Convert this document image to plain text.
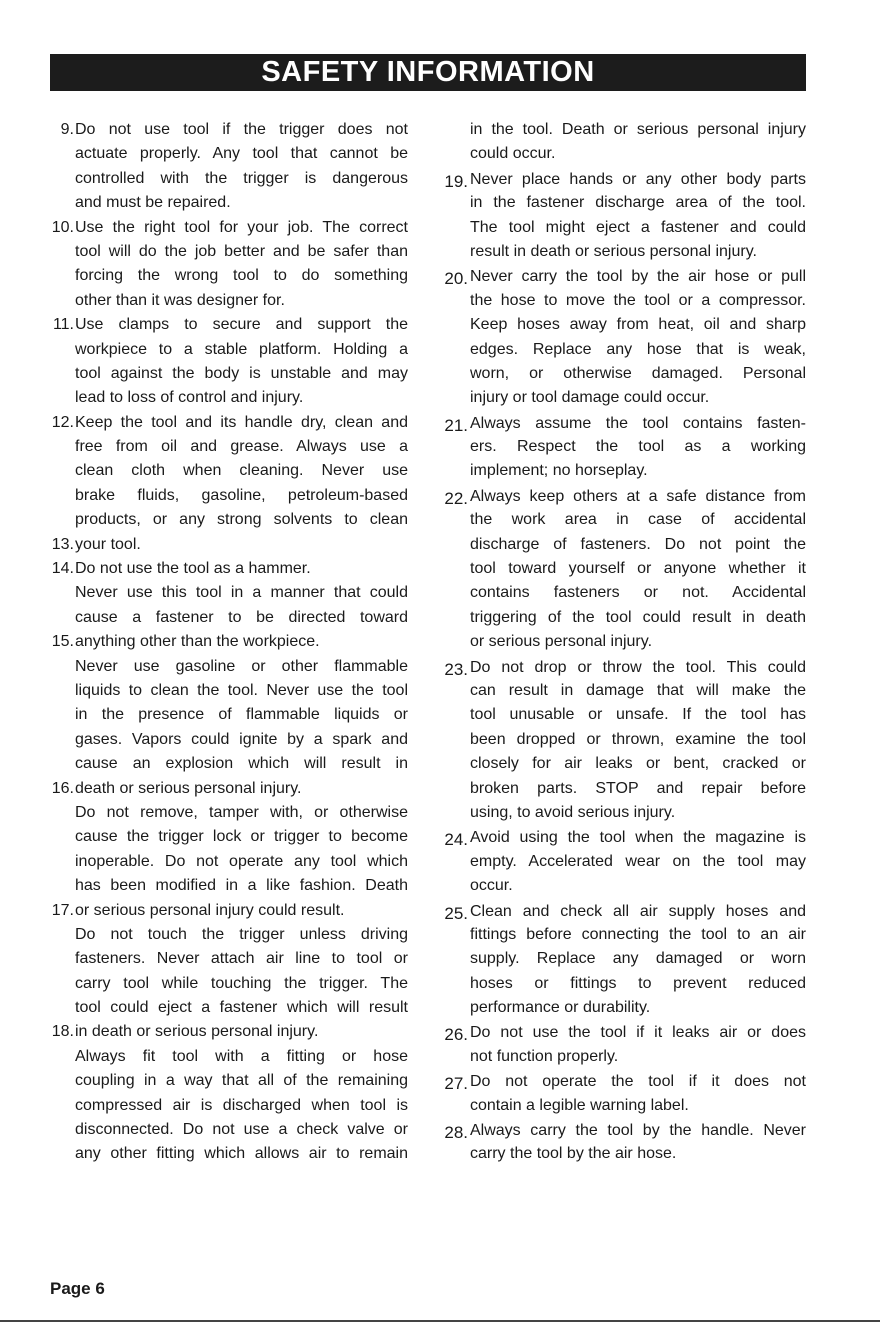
SAFETY INFORMATION
9. Do not use tool if the trigger does not
actuate properly. Any tool that cannot be
controlled with the trigger is dangerous
and must be repaired.
10. Use the right tool for your job. The correct
tool will do the job better and be safer than
forcing the wrong tool to do something
other than it was designer for.
11. Use clamps to secure and support the
workpiece to a stable platform. Holding a
tool against the body is unstable and may
lead to loss of control and injury.
12. Keep the tool and its handle dry, clean and
free from oil and grease. Always use a
clean cloth when cleaning. Never use
brake fluids, gasoline, petroleum-based
products, or any strong solvents to clean
13. your tool.
14. Do not use the tool as a hammer.
Never use this tool in a manner that could
cause a fastener to be directed toward
15. anything other than the workpiece.
Never use gasoline or other flammable
liquids to clean the tool. Never use the tool
in the presence of flammable liquids or
gases. Vapors could ignite by a spark and
cause an explosion which will result in
16. death or serious personal injury.
Do not remove, tamper with, or otherwise
cause the trigger lock or trigger to become
inoperable. Do not operate any tool which
has been modified in a like fashion. Death
17. or serious personal injury could result.
Do not touch the trigger unless driving
fasteners. Never attach air line to tool or
carry tool while touching the trigger. The
tool could eject a fastener which will result
18. in death or serious personal injury.
Always fit tool with a fitting or hose
coupling in a way that all of the remaining
compressed air is discharged when tool is
disconnected. Do not use a check valve or
any other fitting which allows air to remain
in the tool. Death or serious personal injury
could occur.
19. Never place hands or any other body parts
in the fastener discharge area of the tool.
The tool might eject a fastener and could
result in death or serious personal injury.
20. Never carry the tool by the air hose or pull
the hose to move the tool or a compressor.
Keep hoses away from heat, oil and sharp
edges. Replace any hose that is weak,
worn, or otherwise damaged. Personal
injury or tool damage could occur.
21. Always assume the tool contains fasten-
ers. Respect the tool as a working
implement; no horseplay.
22. Always keep others at a safe distance from
the work area in case of accidental
discharge of fasteners. Do not point the
tool toward yourself or anyone whether it
contains fasteners or not. Accidental
triggering of the tool could result in death
or serious personal injury.
23. Do not drop or throw the tool. This could
can result in damage that will make the
tool unusable or unsafe. If the tool has
been dropped or thrown, examine the tool
closely for air leaks or bent, cracked or
broken parts. STOP and repair before
using, to avoid serious injury.
24. Avoid using the tool when the magazine is
empty. Accelerated wear on the tool may
occur.
25. Clean and check all air supply hoses and
fittings before connecting the tool to an air
supply. Replace any damaged or worn
hoses or fittings to prevent reduced
performance or durability.
26. Do not use the tool if it leaks air or does
not function properly.
27. Do not operate the tool if it does not
contain a legible warning label.
28. Always carry the tool by the handle. Never
carry the tool by the air hose.
Page 6
